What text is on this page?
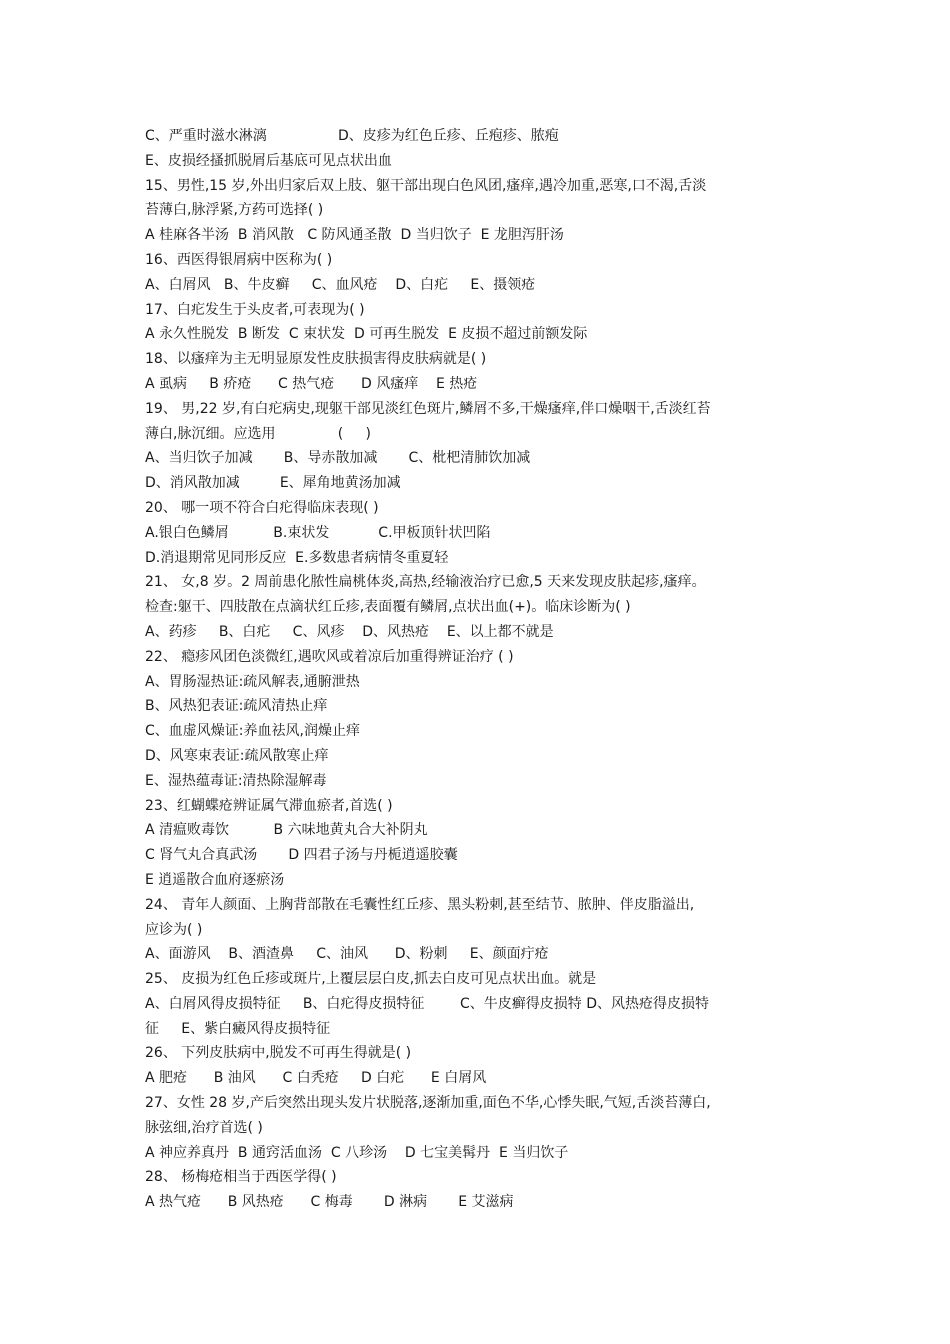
C、严重时滋水淋漓                D、皮疹为红色丘疹、丘疱疹、脓疱
E、皮损经搔抓脱屑后基底可见点状出血
15、男性,15 岁,外出归家后双上肢、躯干部出现白色风团,瘙痒,遇冷加重,恶寒,口不渴,舌淡
苔薄白,脉浮紧,方药可选择( )
A 桂麻各半汤  B 消风散   C 防风通圣散  D 当归饮子  E 龙胆泻肝汤
16、西医得银屑病中医称为( )
A、白屑风   B、牛皮癣     C、血风疮    D、白疕     E、摄领疮
17、白疕发生于头皮者,可表现为( )
A 永久性脱发  B 断发  C 束状发  D 可再生脱发  E 皮损不超过前额发际
18、以瘙痒为主无明显原发性皮肤损害得皮肤病就是( )
A 虱病     B 疥疮      C 热气疮      D 风瘙痒    E 热疮
19、 男,22 岁,有白疕病史,现躯干部见淡红色斑片,鳞屑不多,干燥瘙痒,伴口燥咽干,舌淡红苔
薄白,脉沉细。应选用              (     )
A、当归饮子加减       B、导赤散加减       C、枇杷清肺饮加减
D、消风散加减         E、犀角地黄汤加减
20、 哪一项不符合白疕得临床表现( )
A.银白色鳞屑          B.束状发           C.甲板顶针状凹陷
D.消退期常见同形反应  E.多数患者病情冬重夏轻
21、 女,8 岁。2 周前患化脓性扁桃体炎,高热,经输液治疗已愈,5 天来发现皮肤起疹,瘙痒。
检查:躯干、四肢散在点滴状红丘疹,表面覆有鳞屑,点状出血(+)。临床诊断为( )
A、药疹     B、白疕     C、风疹    D、风热疮    E、以上都不就是
22、 瘾疹风团色淡微红,遇吹风或着凉后加重得辨证治疗 ( )
A、胃肠湿热证:疏风解表,通腑泄热
B、风热犯表证:疏风清热止痒
C、血虚风燥证:养血祛风,润燥止痒
D、风寒束表证:疏风散寒止痒
E、湿热蕴毒证:清热除湿解毒
23、红蝴蝶疮辨证属气滞血瘀者,首选( )
A 清瘟败毒饮          B 六味地黄丸合大补阴丸
C 肾气丸合真武汤       D 四君子汤与丹栀逍遥胶囊
E 逍遥散合血府逐瘀汤
24、 青年人颜面、上胸背部散在毛囊性红丘疹、黑头粉刺,甚至结节、脓肿、伴皮脂溢出,
应诊为( )
A、面游风    B、酒渣鼻     C、油风      D、粉刺     E、颜面疔疮
25、 皮损为红色丘疹或斑片,上覆层层白皮,抓去白皮可见点状出血。就是
A、白屑风得皮损特征     B、白疕得皮损特征        C、牛皮癣得皮损特 D、风热疮得皮损特
征     E、紫白癜风得皮损特征
26、 下列皮肤病中,脱发不可再生得就是( )
A 肥疮      B 油风      C 白秃疮     D 白疕      E 白屑风
27、女性 28 岁,产后突然出现头发片状脱落,逐渐加重,面色不华,心悸失眠,气短,舌淡苔薄白,
脉弦细,治疗首选( )
A 神应养真丹  B 通窍活血汤  C 八珍汤    D 七宝美髯丹  E 当归饮子
28、 杨梅疮相当于西医学得( )
A 热气疮      B 风热疮      C 梅毒       D 淋病       E 艾滋病
